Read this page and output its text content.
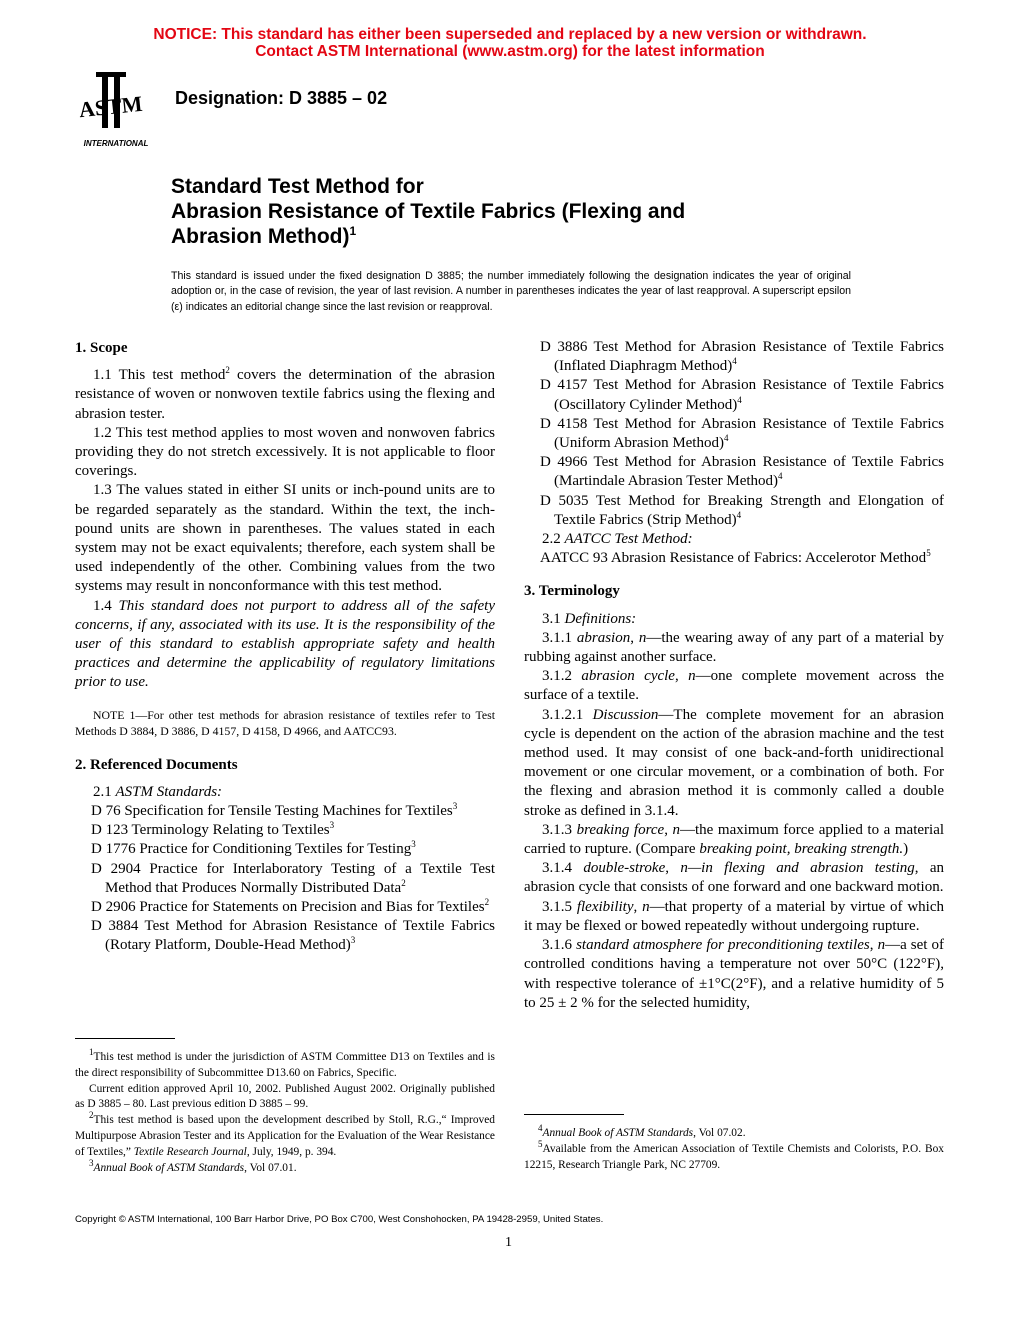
NOTICE: This standard has either been superseded and replaced by a new version or withdrawn.
Contact ASTM International (www.astm.org) for the latest information
ASTM
INTERNATIONAL
Designation: D 3885 – 02
Standard Test Method for
Abrasion Resistance of Textile Fabrics (Flexing and
Abrasion Method)$^1$
This standard is issued under the fixed designation D 3885; the number immediately following the designation indicates the year of original adoption or, in the case of revision, the year of last revision. A number in parentheses indicates the year of last reapproval. A superscript epsilon (ε) indicates an editorial change since the last revision or reapproval.
1. Scope

1.1 This test method$^2$ covers the determination of the abrasion resistance of woven or nonwoven textile fabrics using the flexing and abrasion tester.

1.2 This test method applies to most woven and nonwoven fabrics providing they do not stretch excessively. It is not applicable to floor coverings.

1.3 The values stated in either SI units or inch-pound units are to be regarded separately as the standard. Within the text, the inch-pound units are shown in parentheses. The values stated in each system may not be exact equivalents; therefore, each system shall be used independently of the other. Combining values from the two systems may result in nonconformance with this test method.

1.4 This standard does not purport to address all of the safety concerns, if any, associated with its use. It is the responsibility of the user of this standard to establish appropriate safety and health practices and determine the applicability of regulatory limitations prior to use.

NOTE 1—For other test methods for abrasion resistance of textiles refer to Test Methods D 3884, D 3886, D 4157, D 4158, D 4966, and AATCC93.
2. Referenced Documents

2.1 ASTM Standards:

D 76 Specification for Tensile Testing Machines for Textiles$^3$

D 123 Terminology Relating to Textiles$^3$

D 1776 Practice for Conditioning Textiles for Testing$^3$

D 2904 Practice for Interlaboratory Testing of a Textile Test Method that Produces Normally Distributed Data$^2$

D 2906 Practice for Statements on Precision and Bias for Textiles$^2$

D 3884 Test Method for Abrasion Resistance of Textile Fabrics (Rotary Platform, Double-Head Method)$^3$

$^1$This test method is under the jurisdiction of ASTM Committee D13 on Textiles and is the direct responsibility of Subcommittee D13.60 on Fabrics, Specific.

Current edition approved April 10, 2002. Published August 2002. Originally published as D 3885 – 80. Last previous edition D 3885 – 99.

$^2$This test method is based upon the development described by Stoll, R.G.,“ Improved Multipurpose Abrasion Tester and its Application for the Evaluation of the Wear Resistance of Textiles,” Textile Research Journal, July, 1949, p. 394.

$^3$Annual Book of ASTM Standards, Vol 07.01.

D 3886 Test Method for Abrasion Resistance of Textile Fabrics (Inflated Diaphragm Method)$^4$

D 4157 Test Method for Abrasion Resistance of Textile Fabrics (Oscillatory Cylinder Method)$^4$

D 4158 Test Method for Abrasion Resistance of Textile Fabrics (Uniform Abrasion Method)$^4$

D 4966 Test Method for Abrasion Resistance of Textile Fabrics (Martindale Abrasion Tester Method)$^4$

D 5035 Test Method for Breaking Strength and Elongation of Textile Fabrics (Strip Method)$^4$

2.2 AATCC Test Method:

AATCC 93 Abrasion Resistance of Fabrics: Accelerotor Method$^5$

3. Terminology

3.1 Definitions:

3.1.1 abrasion, n—the wearing away of any part of a material by rubbing against another surface.

3.1.2 abrasion cycle, n—one complete movement across the surface of a textile.

3.1.2.1 Discussion—The complete movement for an abrasion cycle is dependent on the action of the abrasion machine and the test method used. It may consist of one back-and-forth unidirectional movement or one circular movement, or a combination of both. For the flexing and abrasion method it is commonly called a double stroke as defined in 3.1.4.

3.1.3 breaking force, n—the maximum force applied to a material carried to rupture. (Compare breaking point, breaking strength.)

3.1.4 double-stroke, n—in flexing and abrasion testing, an abrasion cycle that consists of one forward and one backward motion.

3.1.5 flexibility, n—that property of a material by virtue of which it may be flexed or bowed repeatedly without undergoing rupture.

3.1.6 standard atmosphere for preconditioning textiles, n—a set of controlled conditions having a temperature not over 50°C (122°F), with respective tolerance of ±1°C(2°F), and a relative humidity of 5 to 25 ± 2 % for the selected humidity,

$^4$Annual Book of ASTM Standards, Vol 07.02.

$^5$Available from the American Association of Textile Chemists and Colorists, P.O. Box 12215, Research Triangle Park, NC 27709.

Copyright © ASTM International, 100 Barr Harbor Drive, PO Box C700, West Conshohocken, PA 19428-2959, United States.
1
